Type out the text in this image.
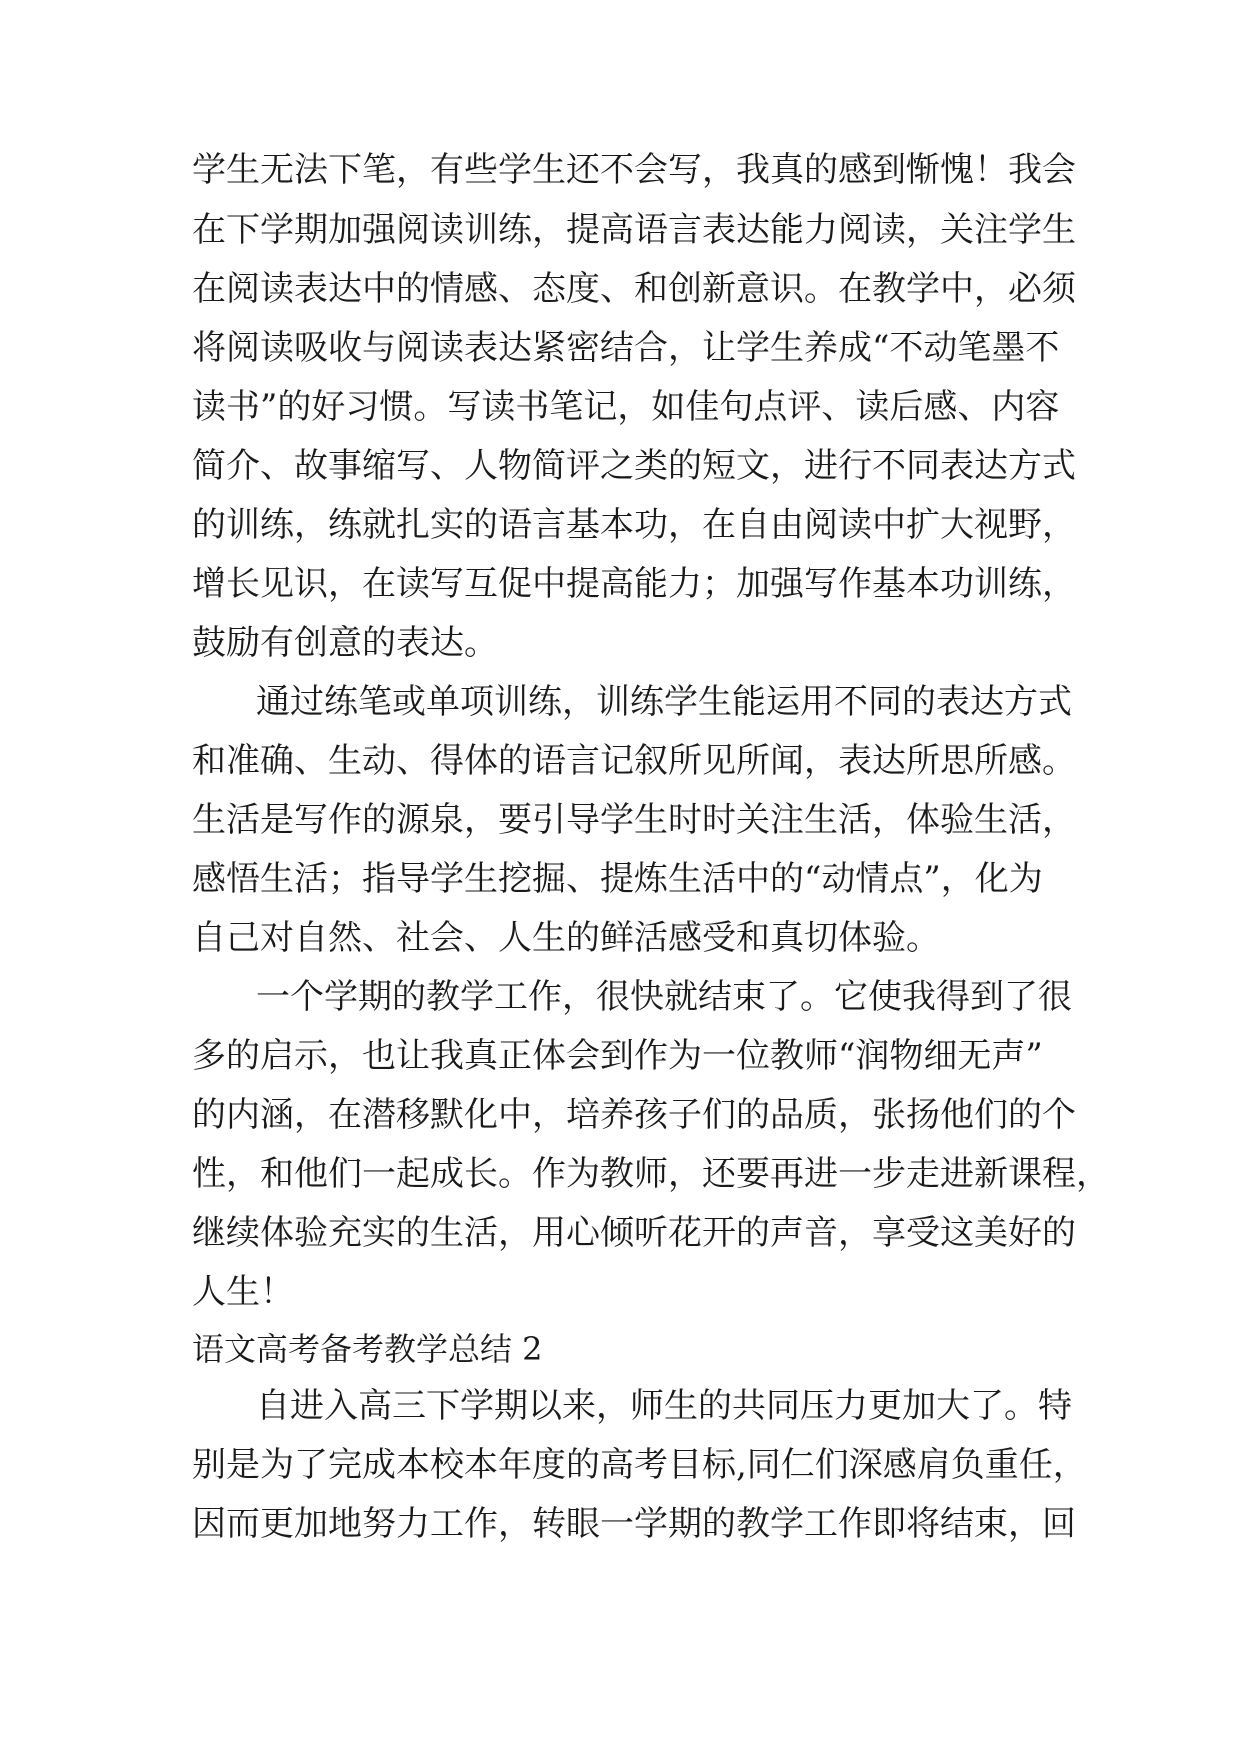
学生无法下笔，有些学生还不会写，我真的感到惭愧！我会
在下学期加强阅读训练，提高语言表达能力阅读，关注学生
在阅读表达中的情感、态度、和创新意识。在教学中，必须
将阅读吸收与阅读表达紧密结合，让学生养成“不动笔墨不
读书”的好习惯。写读书笔记，如佳句点评、读后感、内容
简介、故事缩写、人物简评之类的短文，进行不同表达方式
的训练，练就扎实的语言基本功，在自由阅读中扩大视野，
增长见识，在读写互促中提高能力；加强写作基本功训练，
鼓励有创意的表达。
通过练笔或单项训练，训练学生能运用不同的表达方式
和准确、生动、得体的语言记叙所见所闻，表达所思所感。
生活是写作的源泉，要引导学生时时关注生活，体验生活，
感悟生活；指导学生挖掘、提炼生活中的“动情点”，化为
自己对自然、社会、人生的鲜活感受和真切体验。
一个学期的教学工作，很快就结束了。它使我得到了很
多的启示，也让我真正体会到作为一位教师“润物细无声”
的内涵，在潜移默化中，培养孩子们的品质，张扬他们的个
性，和他们一起成长。作为教师，还要再进一步走进新课程，
继续体验充实的生活，用心倾听花开的声音，享受这美好的
人生！
语文高考备考教学总结 2
自进入高三下学期以来，师生的共同压力更加大了。特
别是为了完成本校本年度的高考目标,同仁们深感肩负重任，
因而更加地努力工作，转眼一学期的教学工作即将结束，回
